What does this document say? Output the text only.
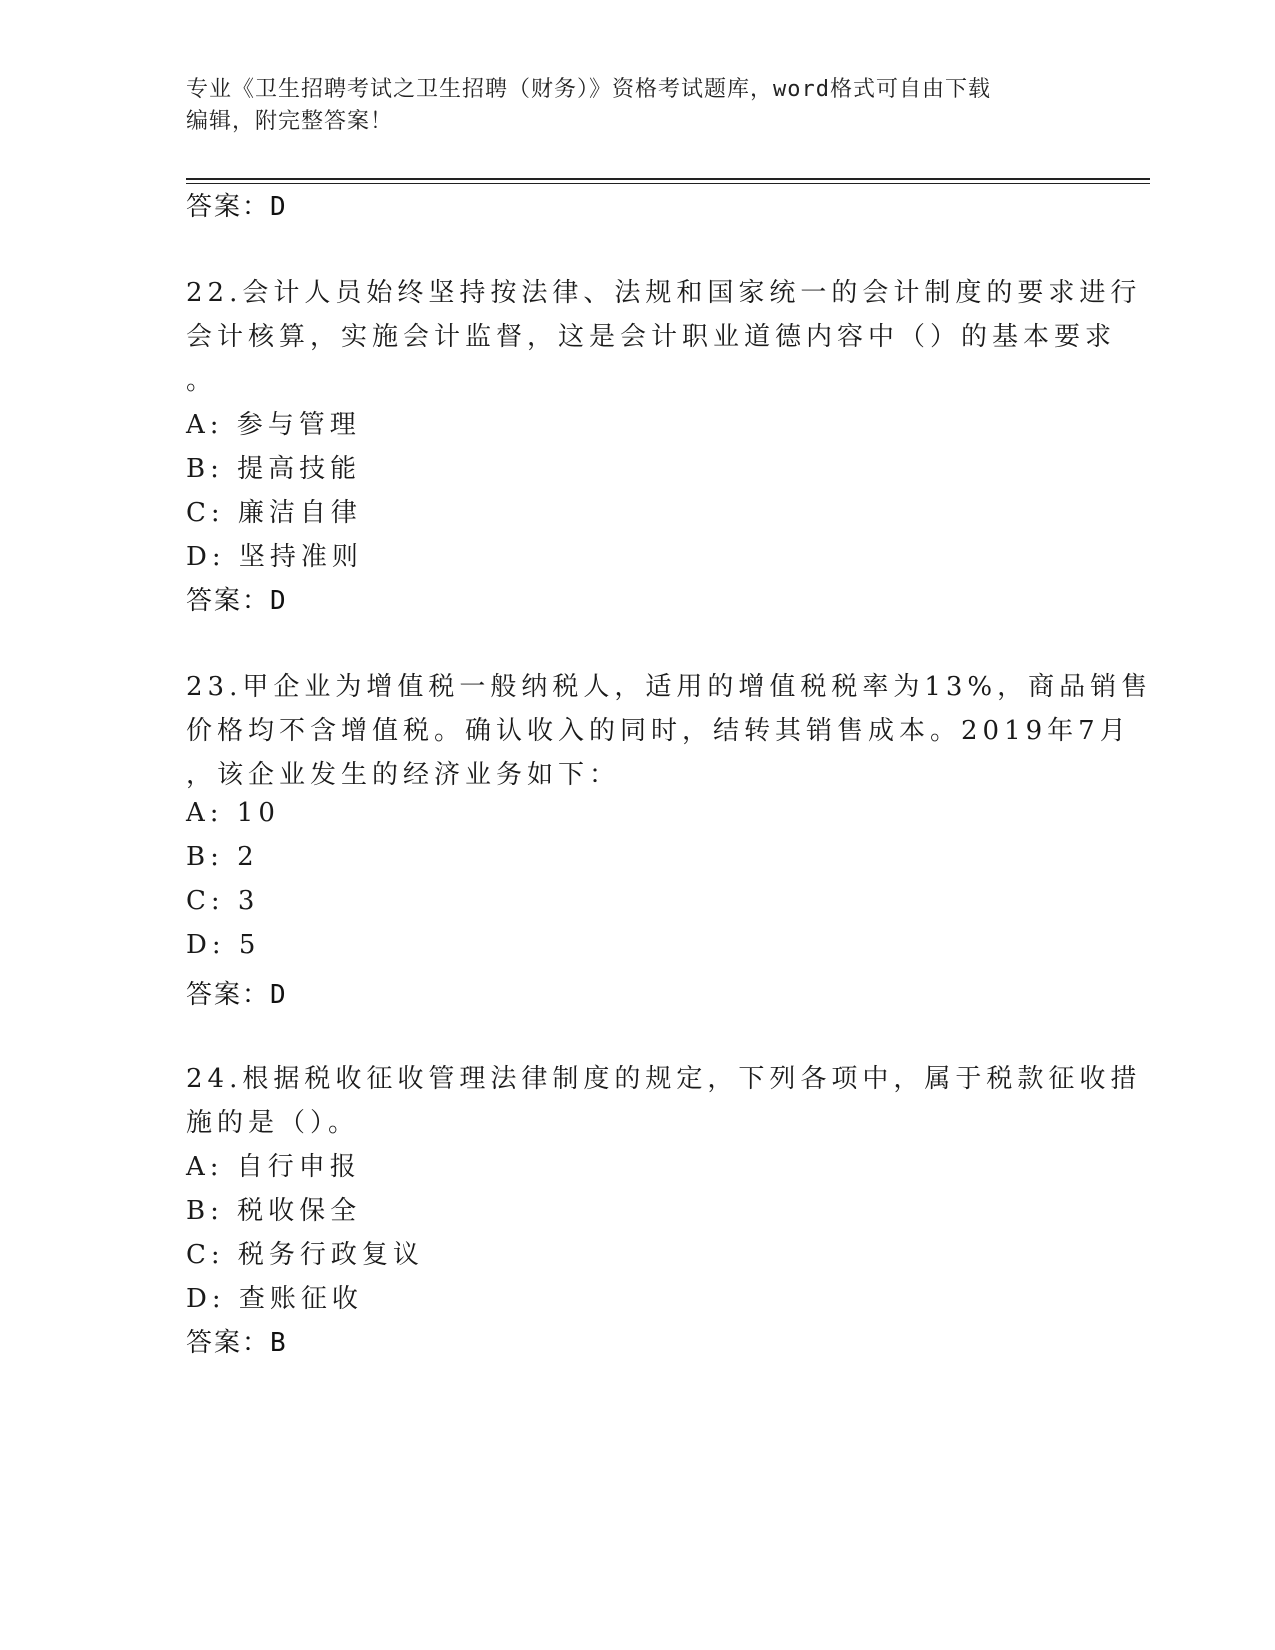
专业《卫生招聘考试之卫生招聘（财务）》资格考试题库，word格式可自由下载
编辑，附完整答案！
答案：D
22.会计人员始终坚持按法律、法规和国家统一的会计制度的要求进行
会计核算，实施会计监督，这是会计职业道德内容中（）的基本要求
。
A: 参与管理
B: 提高技能
C: 廉洁自律
D: 坚持准则
答案：D
23.甲企业为增值税一般纳税人，适用的增值税税率为13%，商品销售
价格均不含增值税。确认收入的同时，结转其销售成本。2019年7月
，该企业发生的经济业务如下：
A: 10
B: 2
C: 3
D: 5
答案：D
24.根据税收征收管理法律制度的规定，下列各项中，属于税款征收措
施的是（）。
A: 自行申报
B: 税收保全
C: 税务行政复议
D: 查账征收
答案：B
